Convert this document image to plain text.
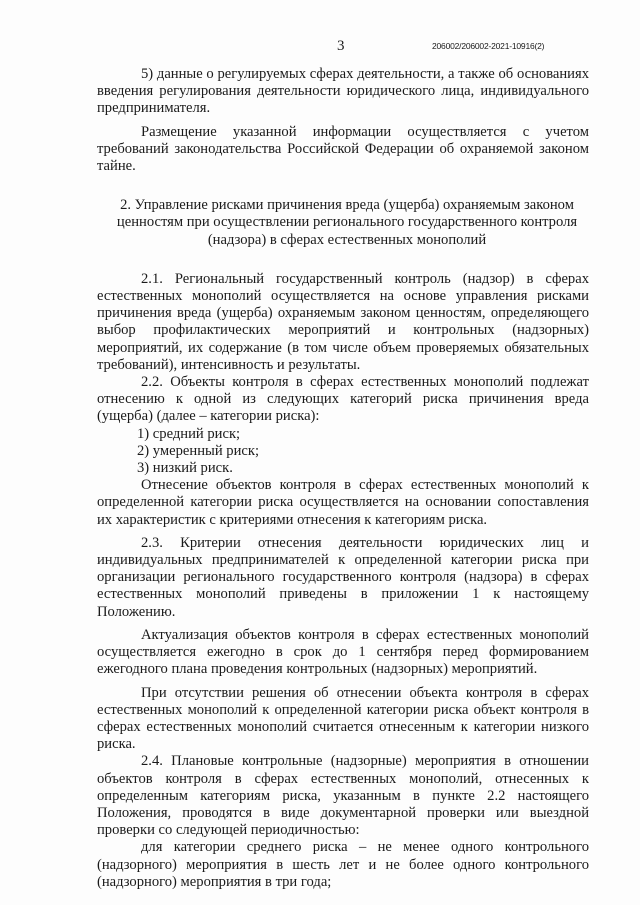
3	206002/206002-2021-10916(2)

5) данные о регулируемых сферах деятельности, а также об основаниях введения регулирования деятельности юридического лица, индивидуального предпринимателя.

Размещение указанной информации осуществляется с учетом требований законодательства Российской Федерации об охраняемой законом тайне.

2. Управление рисками причинения вреда (ущерба) охраняемым законом ценностям при осуществлении регионального государственного контроля (надзора) в сферах естественных монополий

2.1. Региональный государственный контроль (надзор) в сферах естественных монополий осуществляется на основе управления рисками причинения вреда (ущерба) охраняемым законом ценностям, определяющего выбор профилактических мероприятий и контрольных (надзорных) мероприятий, их содержание (в том числе объем проверяемых обязательных требований), интенсивность и результаты.

2.2. Объекты контроля в сферах естественных монополий подлежат отнесению к одной из следующих категорий риска причинения вреда (ущерба) (далее – категории риска):

1) средний риск;

2) умеренный риск;

3) низкий риск.

Отнесение объектов контроля в сферах естественных монополий к определенной категории риска осуществляется на основании сопоставления их характеристик с критериями отнесения к категориям риска.

2.3. Критерии отнесения деятельности юридических лиц и индивидуальных предпринимателей к определенной категории риска при организации регионального государственного контроля (надзора) в сферах естественных монополий приведены в приложении 1 к настоящему Положению.

Актуализация объектов контроля в сферах естественных монополий осуществляется ежегодно в срок до 1 сентября перед формированием ежегодного плана проведения контрольных (надзорных) мероприятий.

При отсутствии решения об отнесении объекта контроля в сферах естественных монополий к определенной категории риска объект контроля в сферах естественных монополий считается отнесенным к категории низкого риска.

2.4. Плановые контрольные (надзорные) мероприятия в отношении объектов контроля в сферах естественных монополий, отнесенных к определенным категориям риска, указанным в пункте 2.2 настоящего Положения, проводятся в виде документарной проверки или выездной проверки со следующей периодичностью:

для категории среднего риска – не менее одного контрольного (надзорного) мероприятия в шесть лет и не более одного контрольного (надзорного) мероприятия в три года;
